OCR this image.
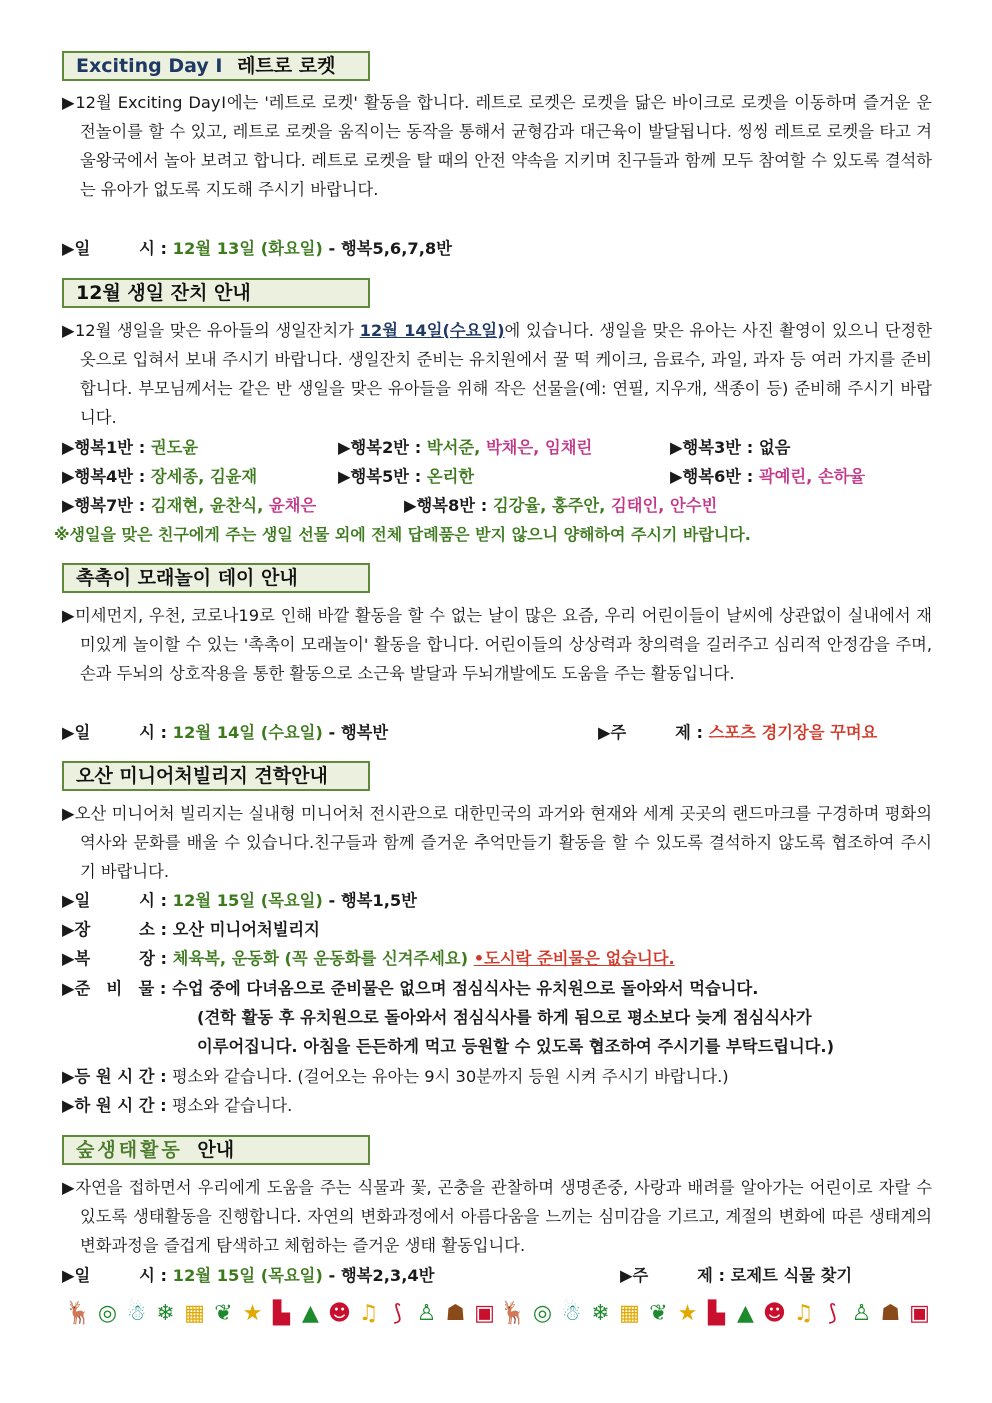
Exciting Day Ⅰ 레트로 로켓
▶12월 Exciting DayⅠ에는 '레트로 로켓' 활동을 합니다. 레트로 로켓은 로켓을 닮은 바이크로 로켓을 이동하며 즐거운 운전놀이를 할 수 있고, 레트로 로켓을 움직이는 동작을 통해서 균형감과 대근육이 발달됩니다. 씽씽 레트로 로켓을 타고 겨울왕국에서 놀아 보려고 합니다. 레트로 로켓을 탈 때의 안전 약속을 지키며 친구들과 함께 모두 참여할 수 있도록 결석하는 유아가 없도록 지도해 주시기 바랍니다.
▶일　　　시 : 12월 13일 (화요일) - 행복5,6,7,8반
12월 생일 잔치 안내
▶12월 생일을 맞은 유아들의 생일잔치가 12월 14일(수요일)에 있습니다. 생일을 맞은 유아는 사진 촬영이 있으니 단정한 옷으로 입혀서 보내 주시기 바랍니다. 생일잔치 준비는 유치원에서 꿀 떡 케이크, 음료수, 과일, 과자 등 여러 가지를 준비합니다. 부모님께서는 같은 반 생일을 맞은 유아들을 위해 작은 선물을(예: 연필, 지우개, 색종이 등) 준비해 주시기 바랍니다.
▶행복1반 : 권도윤	▶행복2반 : 박서준, 박채은, 임채린	▶행복3반 : 없음
▶행복4반 : 장세종, 김윤재	▶행복5반 : 온리한	▶행복6반 : 곽예린, 손하율
▶행복7반 : 김재현, 윤찬식, 윤채은	▶행복8반 : 김강율, 홍주안, 김태인, 안수빈
※생일을 맞은 친구에게 주는 생일 선물 외에 전체 답례품은 받지 않으니 양해하여 주시기 바랍니다.
촉촉이 모래놀이 데이 안내
▶미세먼지, 우천, 코로나19로 인해 바깥 활동을 할 수 없는 날이 많은 요즘, 우리 어린이들이 날씨에 상관없이 실내에서 재미있게 놀이할 수 있는 '촉촉이 모래놀이' 활동을 합니다. 어린이들의 상상력과 창의력을 길러주고 심리적 안정감을 주며, 손과 두뇌의 상호작용을 통한 활동으로 소근육 발달과 두뇌개발에도 도움을 주는 활동입니다.
▶일　　　시 : 12월 14일 (수요일) - 행복반	▶주　　　제 : 스포츠 경기장을 꾸며요
오산 미니어처빌리지 견학안내
▶오산 미니어처 빌리지는 실내형 미니어처 전시관으로 대한민국의 과거와 현재와 세계 곳곳의 랜드마크를 구경하며 평화의 역사와 문화를 배울 수 있습니다.친구들과 함께 즐거운 추억만들기 활동을 할 수 있도록 결석하지 않도록 협조하여 주시기 바랍니다.
▶일　　　시 : 12월 15일 (목요일) - 행복1,5반
▶장　　　소 : 오산 미니어처빌리지
▶복　　　장 : 체육복, 운동화 (꼭 운동화를 신겨주세요) •도시락 준비물은 없습니다.
▶준　비　물 : 수업 중에 다녀옴으로 준비물은 없으며 점심식사는 유치원으로 돌아와서 먹습니다.
(견학 활동 후 유치원으로 돌아와서 점심식사를 하게 됨으로 평소보다 늦게 점심식사가
이루어집니다. 아침을 든든하게 먹고 등원할 수 있도록 협조하여 주시기를 부탁드립니다.)
▶등 원 시 간 : 평소와 같습니다. (걸어오는 유아는 9시 30분까지 등원 시켜 주시기 바랍니다.)
▶하 원 시 간 : 평소와 같습니다.
숲생태활동 안내
▶자연을 접하면서 우리에게 도움을 주는 식물과 꽃, 곤충을 관찰하며 생명존중, 사랑과 배려를 알아가는 어린이로 자랄 수 있도록 생태활동을 진행합니다. 자연의 변화과정에서 아름다움을 느끼는 심미감을 기르고, 계절의 변화에 따른 생태계의 변화과정을 즐겁게 탐색하고 체험하는 즐거운 생태 활동입니다.
▶일　　　시 : 12월 15일 (목요일) - 행복2,3,4반	▶주　　　제 : 로제트 식물 찾기
🦌 ◎ ☃ ❄ ▦ ❦ ★ ▙ ▲ ☻ ♫ ⟆ ♙ ☗ ▣ 🦌 ◎ ☃ ❄ ▦ ❦ ★ ▙ ▲ ☻ ♫ ⟆ ♙ ☗ ▣
